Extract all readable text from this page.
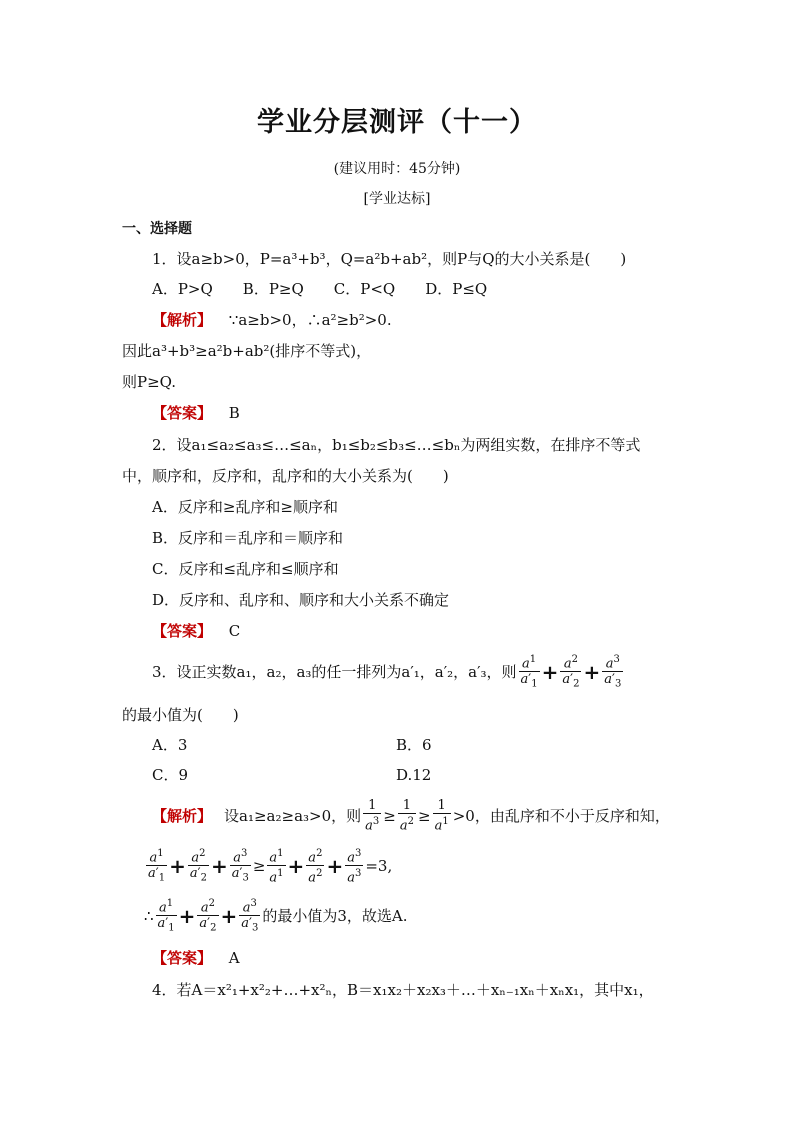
学业分层测评（十一）
(建议用时：45分钟)
[学业达标]
一、选择题
1．设a≥b>0，P=a³+b³，Q=a²b+ab²，则P与Q的大小关系是(　　)
A．P>Q　　B．P≥Q　　C．P<Q　　D．P≤Q
【解析】 ∵a≥b>0，∴a²≥b²>0.
因此a³+b³≥a²b+ab²(排序不等式)，
则P≥Q.
【答案】 B
2．设a₁≤a₂≤a₃≤…≤aₙ，b₁≤b₂≤b₃≤…≤bₙ为两组实数，在排序不等式
中，顺序和，反序和，乱序和的大小关系为(　　)
A．反序和≥乱序和≥顺序和
B．反序和＝乱序和＝顺序和
C．反序和≤乱序和≤顺序和
D．反序和、乱序和、顺序和大小关系不确定
【答案】 C
3．设正实数a₁，a₂，a₃的任一排列为a′₁，a′₂，a′₃，则 $\frac{a^1}{a'_1} + \frac{a^2}{a'_2} + \frac{a^3}{a'_3}$
的最小值为(　　)
A．3	B．6
C．9	D.12
【解析】 设a₁≥a₂≥a₃>0，则 $\frac{1}{a^3} \ge \frac{1}{a^2} \ge \frac{1}{a^1} >0$ ，由乱序和不小于反序和知，
$\frac{a^1}{a'_1} + \frac{a^2}{a'_2} + \frac{a^3}{a'_3} \ge \frac{a^1}{a^1} + \frac{a^2}{a^2} + \frac{a^3}{a^3} =3$,
∴ $\frac{a^1}{a'_1} + \frac{a^2}{a'_2} + \frac{a^3}{a'_3}$ 的最小值为3，故选A.
【答案】 A
4．若A＝x²₁+x²₂+…+x²ₙ，B＝x₁x₂＋x₂x₃＋…＋xₙ₋₁xₙ＋xₙx₁，其中x₁，
